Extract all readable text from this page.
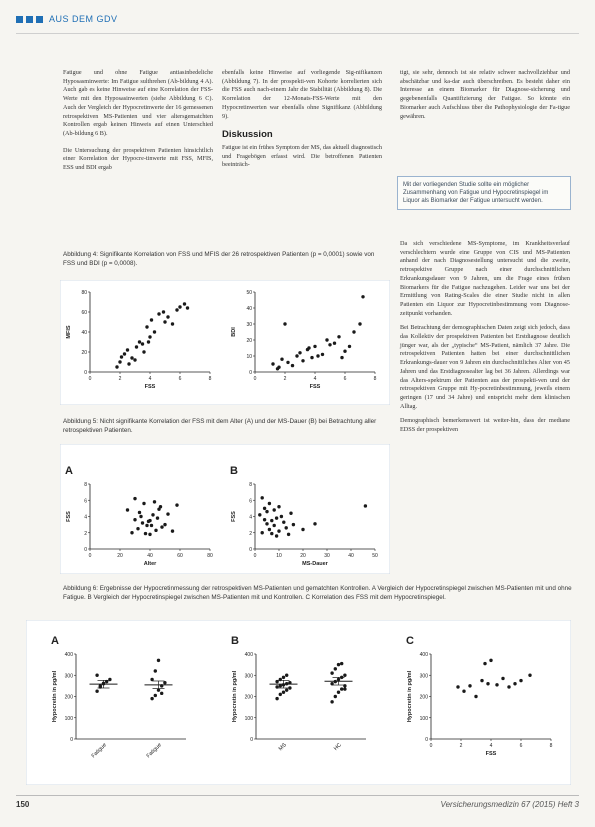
AUS DEM GDV

Fatigue und ohne Fatigue antiasinbedeliche Hyposasminwerte: Im Fatigue sulthrehen (Ab-bildung 4 A). Auch gab es keine Hinweise auf eine Korrelation der FSS-Werte mit den Hyposasinwerten (siehe Abbildung 6 C). Auch der Vergleich der Hypocretinwerte der 16 gemessenen retrospektiven MS-Patienten und vier altersgematchten Kontrollen ergab keinen Hinweis auf einen Unterschied (Ab-bildung 6 B).

Die Untersuchung der prospektiven Patienten hinsichtlich einer Korrelation der Hypocre-tinwerte mit FSS, MFIS, ESS und BDI ergab

ebenfalls keine Hinweise auf vorliegende Sig-nifikanzen (Abbildung 7). In der prospekti-ven Kohorte korrelierten sich die FSS auch nach-einem Jahr die Stabilität (Abbildung 8). Die Korrelation der 12-Monats-FSS-Werte mit den Hypocretinwerten war ebenfalls ohne Signifikanz (Abbildung 9).

Diskussion

Fatigue ist ein frühes Symptom der MS, das aktuell diagnostisch und Fragebögen erfasst wird. Die betroffenen Patienten beeinträch-

tigt, sie sehr, dennoch ist sie relativ schwer nachvollziehbar und abschätzbar und ka-dar auch überschreiben. Es besteht daher ein Interesse an einem Biomarker für Diagnose-sicherung und gegebenenfalls Quantifizierung der Fatigue. So könnte ein Biomarker auch Aufschluss über die Pathophysiologie der Fa-tigue gewähren.

Mit der vorliegenden Studie sollte ein möglicher Zusammenhang von Fatigue und Hypocretinspiegel im Liquor als Biomarker der Fatigue untersucht werden.

Da sich verschiedene MS-Symptome, im Krankheitsverlauf verschlechtern wurde eine Gruppe von CIS und MS-Patienten anhand der nach Diagnosestellung untersucht und die zweite, retrospektive Gruppe nach einer durchschnittlichen Erkrankungsdauer von 9 Jahren, um die Frage eines frühen Biomarkers für die Fatigue nachzugehen. Leider war uns bei der Ermittlung von Rating-Scales die einer Studie nicht in allen Patienten ein Liquor zur Hypocretinbestimmung vom Diagnose-zeitpunkt vorhanden.

Bei Betrachtung der demographischen Daten zeigt sich jedoch, dass das Kollektiv der prospektiven Patienten bei Erstdiagnose deutlich jünger war, als der „typische“ MS-Patient, nämlich 37 Jahre. Die retrospektiven Patienten hatten bei einer durchschnittlichen Erkrankungs-dauer von 9 Jahren ein durchschnittliches Alter von 45 Jahren und das Erstdiagnosealter lag bei 36 Jahren. Allerdings war das Alters-spektrum der Patienten aus der prospekti-ven und der retrospektiven Gruppe mit Hy-pocretinbestimmung, jeweils einem geringen (17 und 34 Jahre) und entspricht mehr dem klinischen Alltag.

Demographisch bemerkenswert ist weiter-hin, dass der mediane EDSS der prospektiven

Abbildung 4: Signifikante Korrelation von FSS und MFIS der 26 retrospektiven Patienten (p = 0,0001) sowie von FSS und BDI (p = 0,0008).
Abbildung 5: Nicht signifikante Korrelation der FSS mit dem Alter (A) und der MS-Dauer (B) bei Betrachtung aller retrospektiven Patienten.
Abbildung 6: Ergebnisse der Hypocretinmessung der retrospektiven MS-Patienten und gematchten Kontrollen. A Vergleich der Hypocretinspiegel zwischen MS-Patienten mit und ohne Fatigue. B Vergleich der Hypocretinspiegel zwischen MS-Patienten mit und Kontrollen. C Korrelation des FSS mit dem Hypocretinspiegel.
0
20
40
60
80
MFIS
0	2	4	6	8
FSS
0
10
20
30
40
50
BDI
0	2	4	6	8
FSS
0
2
4
6
8
FSS
A
0	20	40	60	80
Alter
0
2
4
6
8
FSS
B
0	10	20	30	40	50
MS-Dauer
0
100
200
300
400
Hypocretin in pg/ml
A
Fatigue	Fatigue
0
100
200
300
400
Hypocretin in pg/ml
B
MS	HC
0
100
200
300
400
Hypocretin in pg/ml
C
0	2	4	6	8
FSS
150	Versicherungsmedizin 67 (2015) Heft 3
